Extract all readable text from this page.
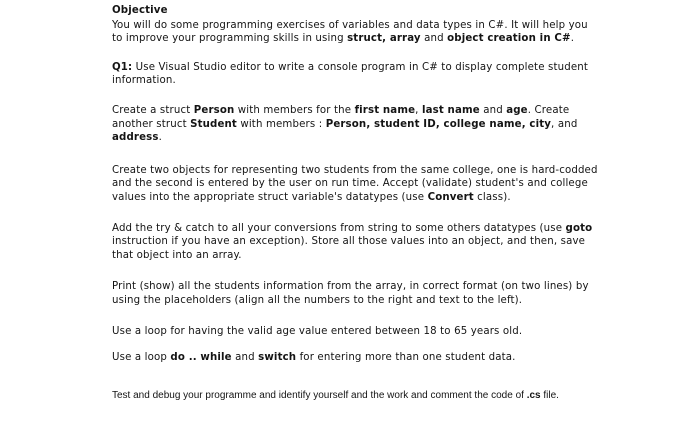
Objective

You will do some programming exercises of variables and data types in C#. It will help you to improve your programming skills in using struct, array and object creation in C#.

Q1: Use Visual Studio editor to write a console program in C# to display complete student information.

Create a struct Person with members for the first name, last name and age. Create another struct Student with members : Person, student ID, college name, city, and address.

Create two objects for representing two students from the same college, one is hard-codded and the second is entered by the user on run time. Accept (validate) student's and college values into the appropriate struct variable's datatypes (use Convert class).

Add the try & catch to all your conversions from string to some others datatypes (use goto instruction if you have an exception). Store all those values into an object, and then, save that object into an array.

Print (show) all the students information from the array, in correct format (on two lines) by using the placeholders (align all the numbers to the right and text to the left).

Use a loop for having the valid age value entered between 18 to 65 years old.

Use a loop do .. while and switch for entering more than one student data.

Test and debug your programme and identify yourself and the work and comment the code of .cs file.
